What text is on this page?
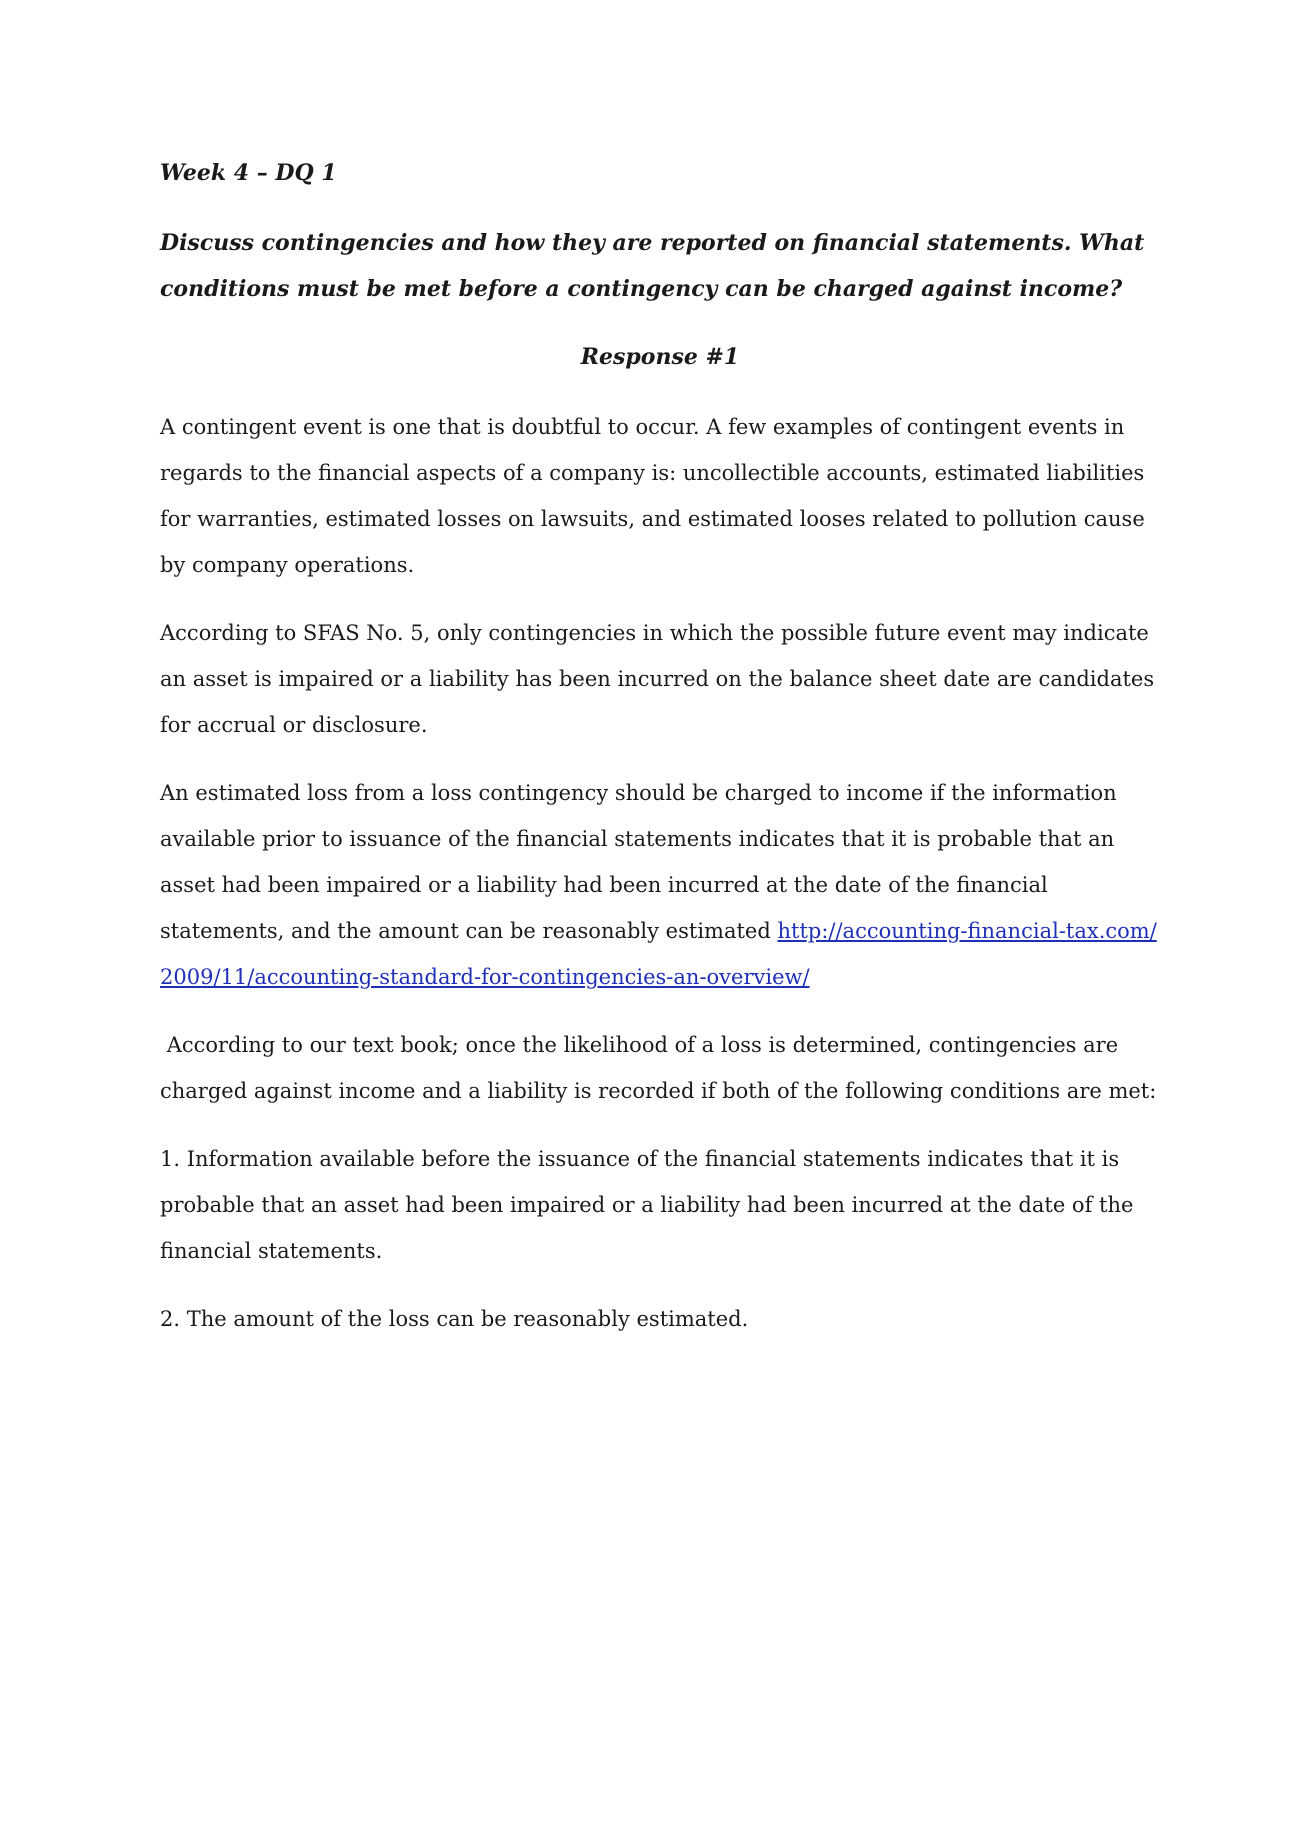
Week 4 – DQ 1

Discuss contingencies and how they are reported on financial statements. What conditions must be met before a contingency can be charged against income?

Response #1

A contingent event is one that is doubtful to occur. A few examples of contingent events in regards to the financial aspects of a company is: uncollectible accounts, estimated liabilities for warranties, estimated losses on lawsuits, and estimated looses related to pollution cause by company operations.

According to SFAS No. 5, only contingencies in which the possible future event may indicate an asset is impaired or a liability has been incurred on the balance sheet date are candidates for accrual or disclosure.

An estimated loss from a loss contingency should be charged to income if the information available prior to issuance of the financial statements indicates that it is probable that an asset had been impaired or a liability had been incurred at the date of the financial statements, and the amount can be reasonably estimated http://accounting-financial-tax.com/2009/11/accounting-standard-for-contingencies-an-overview/

According to our text book; once the likelihood of a loss is determined, contingencies are charged against income and a liability is recorded if both of the following conditions are met:

1. Information available before the issuance of the financial statements indicates that it is probable that an asset had been impaired or a liability had been incurred at the date of the financial statements.

2. The amount of the loss can be reasonably estimated.
